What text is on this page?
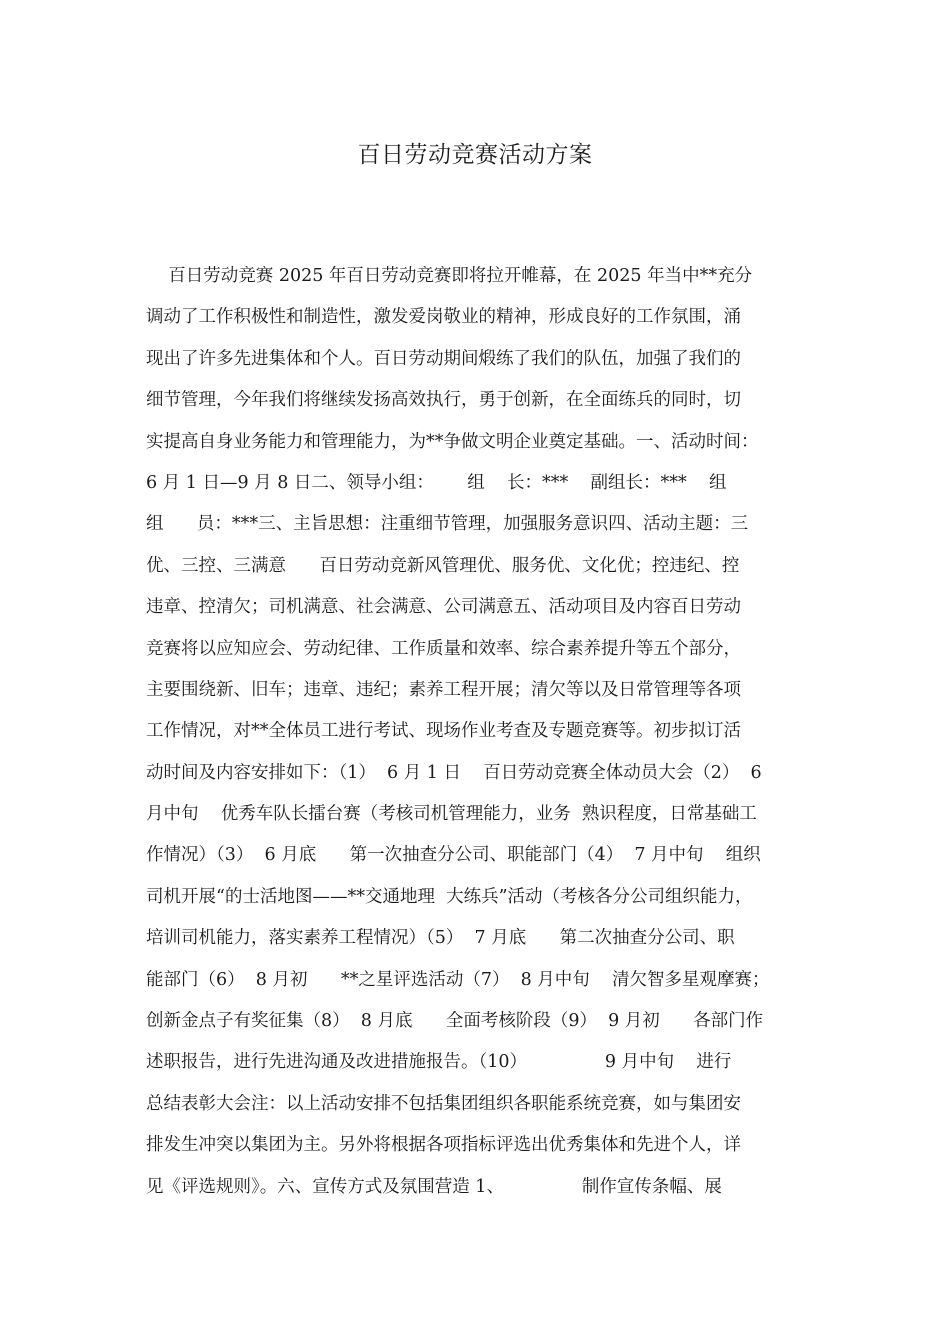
百日劳动竞赛活动方案
百日劳动竞赛 2025 年百日劳动竞赛即将拉开帷幕，在 2025 年当中**充分
调动了工作积极性和制造性，激发爱岗敬业的精神，形成良好的工作氛围，涌
现出了许多先进集体和个人。百日劳动期间煅练了我们的队伍，加强了我们的
细节管理，今年我们将继续发扬高效执行，勇于创新，在全面练兵的同时，切
实提高自身业务能力和管理能力，为**争做文明企业奠定基础。一、活动时间：
6 月 1 日—9 月 8 日二、领导小组：      组    长：***    副组长：***    组
组      员：***三、主旨思想：注重细节管理，加强服务意识四、活动主题：三
优、三控、三满意      百日劳动竞新风管理优、服务优、文化优；控违纪、控
违章、控清欠；司机满意、社会满意、公司满意五、活动项目及内容百日劳动
竞赛将以应知应会、劳动纪律、工作质量和效率、综合素养提升等五个部分，
主要围绕新、旧车；违章、违纪；素养工程开展；清欠等以及日常管理等各项
工作情况，对**全体员工进行考试、现场作业考查及专题竞赛等。初步拟订活
动时间及内容安排如下：（1）  6 月 1 日    百日劳动竞赛全体动员大会（2）  6
月中旬    优秀车队长擂台赛（考核司机管理能力，业务  熟识程度，日常基础工
作情况）（3）  6 月底      第一次抽查分公司、职能部门（4）  7 月中旬    组织
司机开展“的士活地图——**交通地理  大练兵”活动（考核各分公司组织能力，
培训司机能力，落实素养工程情况）（5）  7 月底      第二次抽查分公司、职
能部门（6）  8 月初      **之星评选活动（7）  8 月中旬    清欠智多星观摩赛；
创新金点子有奖征集（8）  8 月底      全面考核阶段（9）  9 月初      各部门作
述职报告，进行先进沟通及改进措施报告。（10）              9 月中旬    进行
总结表彰大会注：以上活动安排不包括集团组织各职能系统竞赛，如与集团安
排发生冲突以集团为主。另外将根据各项指标评选出优秀集体和先进个人，详
见《评选规则》。六、宣传方式及氛围营造 1、              制作宣传条幅、展
